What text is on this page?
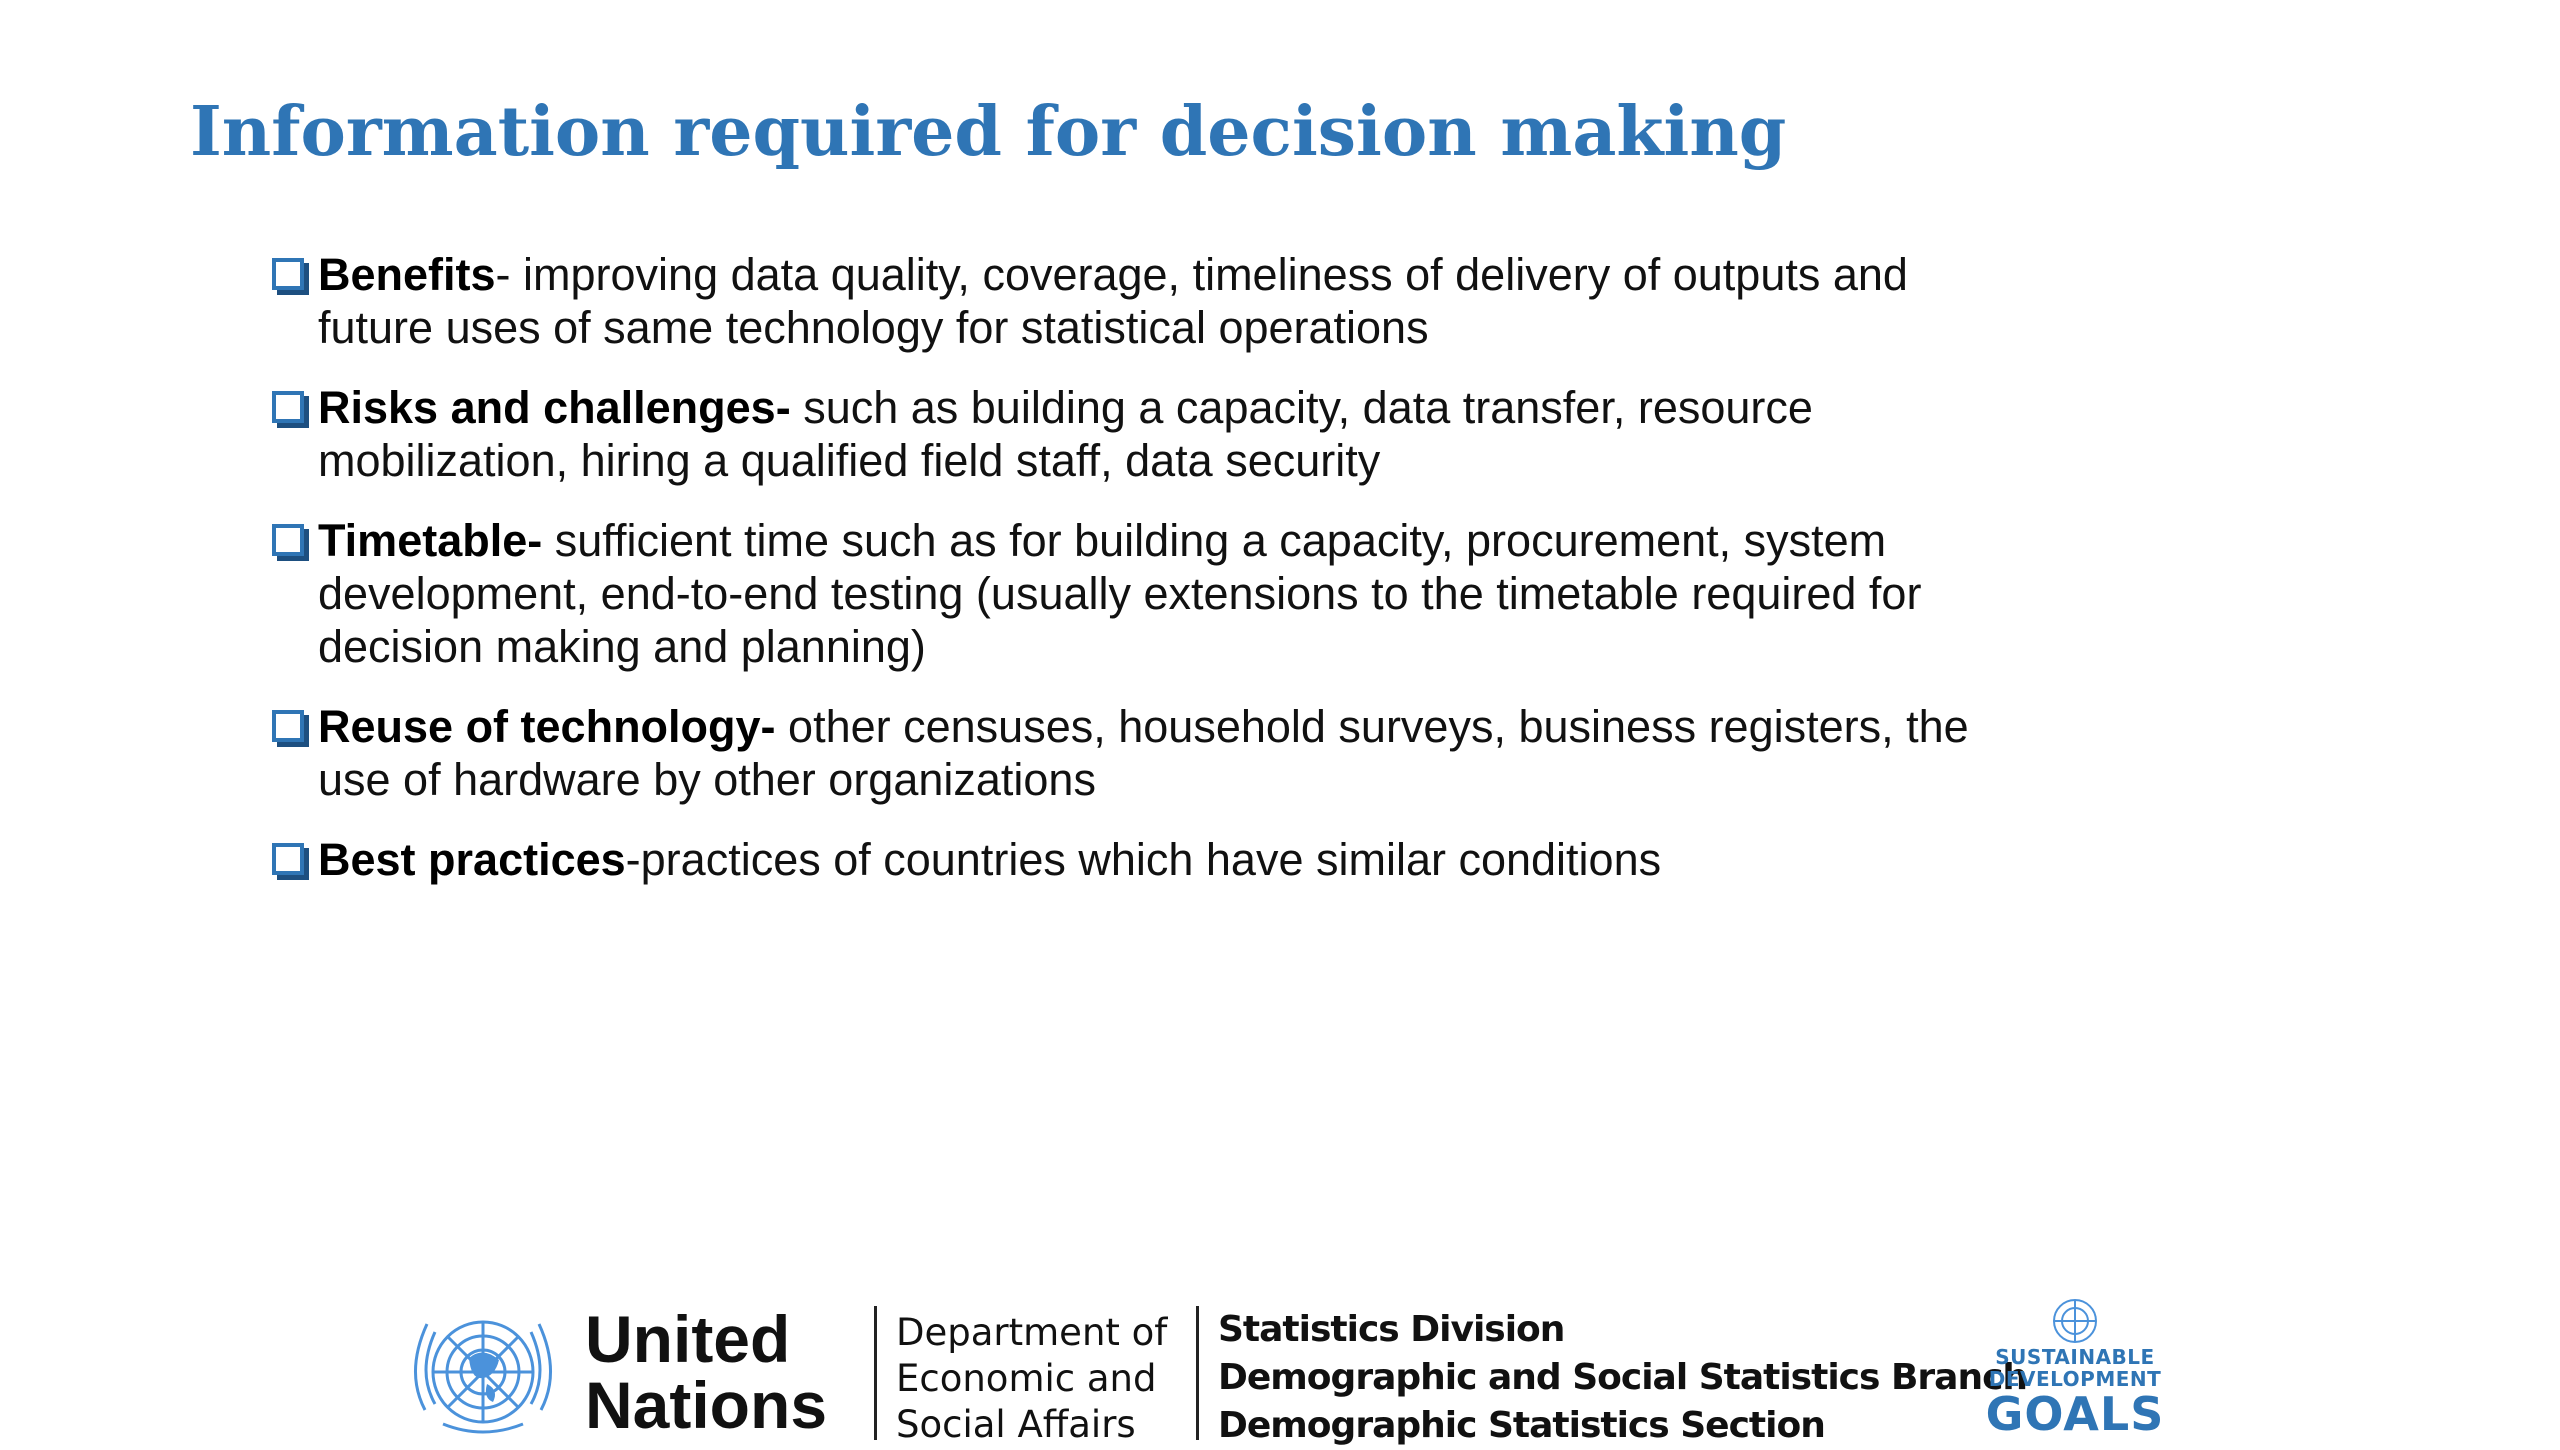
Information required for decision making
Benefits- improving data quality, coverage, timeliness of delivery of outputs and future uses of same technology for statistical operations
Risks and challenges- such as building a capacity, data transfer, resource mobilization, hiring a qualified field staff, data security
Timetable- sufficient time such as for building a capacity, procurement, system development, end-to-end testing (usually extensions to the timetable required for decision making and planning)
Reuse of technology- other censuses, household surveys, business registers, the use of hardware by other organizations
Best practices-practices of countries which have similar conditions
United
Nations
Department of
Economic and
Social Affairs
Statistics Division
Demographic and Social Statistics Branch
Demographic Statistics Section
SUSTAINABLE
DEVELOPMENT
GOALS
